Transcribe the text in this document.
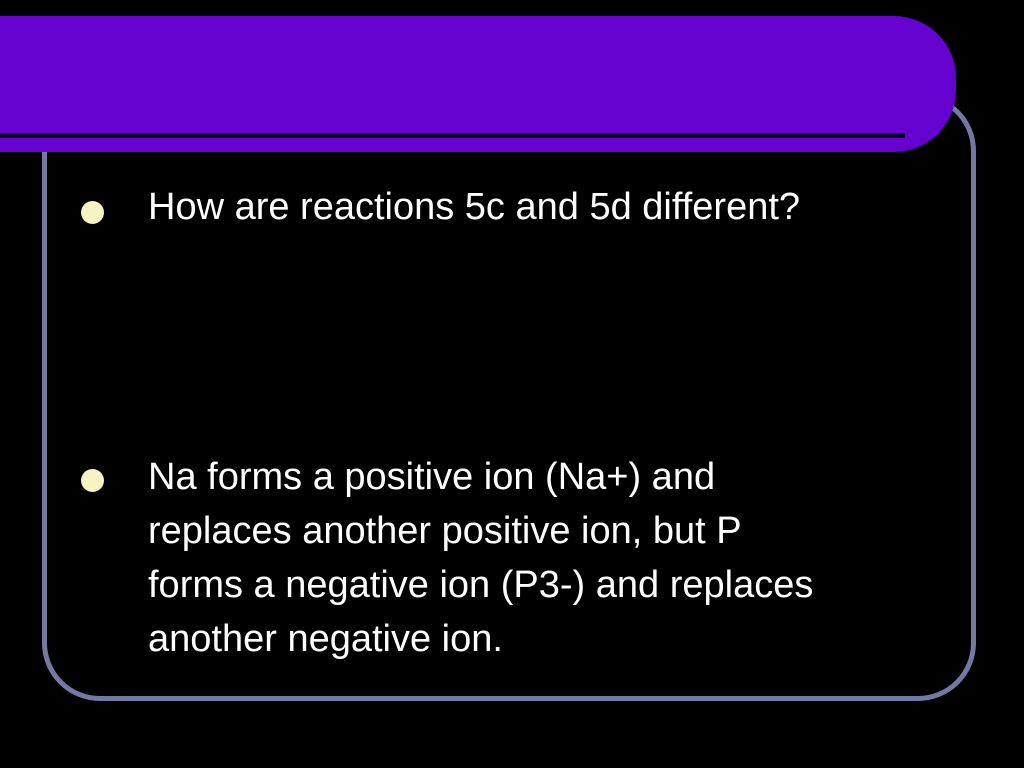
How are reactions 5c and 5d different?
Na forms a positive ion (Na+) and
replaces another positive ion, but P
forms a negative ion (P3-) and replaces
another negative ion.
